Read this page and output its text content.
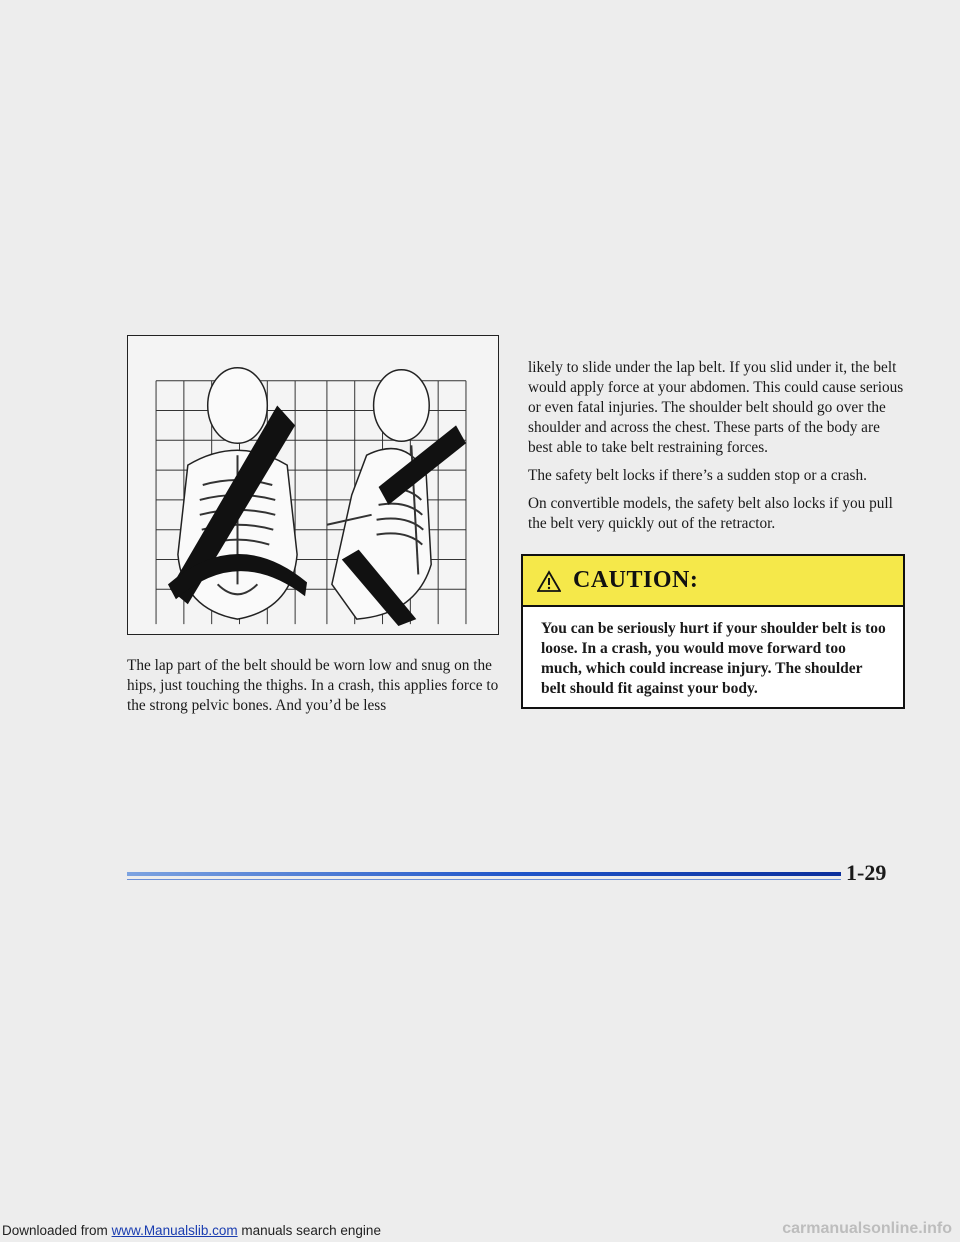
The lap part of the belt should be worn low and snug on the hips, just touching the thighs. In a crash, this applies force to the strong pelvic bones. And you’d be less

likely to slide under the lap belt. If you slid under it, the belt would apply force at your abdomen. This could cause serious or even fatal injuries. The shoulder belt should go over the shoulder and across the chest. These parts of the body are best able to take belt restraining forces.

The safety belt locks if there’s a sudden stop or a crash.

On convertible models, the safety belt also locks if you pull the belt very quickly out of the retractor.

CAUTION:
You can be seriously hurt if your shoulder belt is too loose. In a crash, you would move forward too much, which could increase injury. The shoulder belt should fit against your body.
1-29
Downloaded from www.Manualslib.com manuals search engine	carmanualsonline.info
